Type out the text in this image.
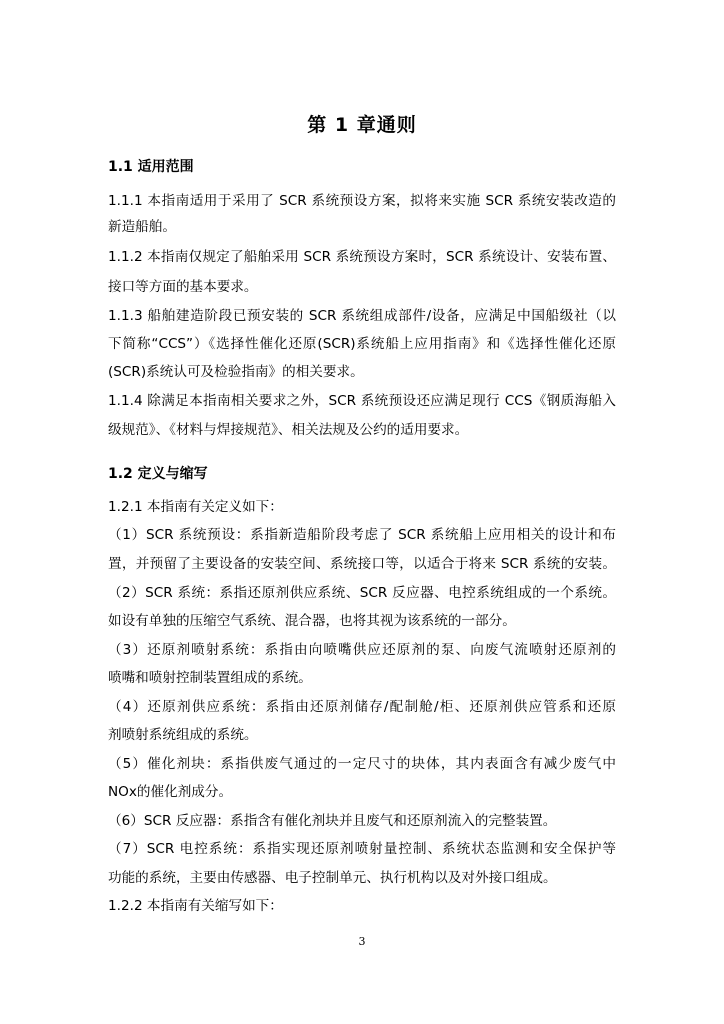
第 1 章通则
1.1 适用范围
1.1.1 本指南适用于采用了 SCR 系统预设方案，拟将来实施 SCR 系统安装改造的
新造船舶。
1.1.2 本指南仅规定了船舶采用 SCR 系统预设方案时，SCR 系统设计、安装布置、
接口等方面的基本要求。
1.1.3 船舶建造阶段已预安装的 SCR 系统组成部件/设备，应满足中国船级社（以
下简称“CCS”）《选择性催化还原(SCR)系统船上应用指南》和《选择性催化还原
(SCR)系统认可及检验指南》的相关要求。
1.1.4 除满足本指南相关要求之外，SCR 系统预设还应满足现行 CCS《钢质海船入
级规范》、《材料与焊接规范》、相关法规及公约的适用要求。
1.2 定义与缩写
1.2.1 本指南有关定义如下：
（1）SCR 系统预设：系指新造船阶段考虑了 SCR 系统船上应用相关的设计和布
置，并预留了主要设备的安装空间、系统接口等，以适合于将来 SCR 系统的安装。
（2）SCR 系统：系指还原剂供应系统、SCR 反应器、电控系统组成的一个系统。
如设有单独的压缩空气系统、混合器，也将其视为该系统的一部分。
（3）还原剂喷射系统：系指由向喷嘴供应还原剂的泵、向废气流喷射还原剂的
喷嘴和喷射控制装置组成的系统。
（4）还原剂供应系统：系指由还原剂储存/配制舱/柜、还原剂供应管系和还原
剂喷射系统组成的系统。
（5）催化剂块：系指供废气通过的一定尺寸的块体，其内表面含有减少废气中
NOx的催化剂成分。
（6）SCR 反应器：系指含有催化剂块并且废气和还原剂流入的完整装置。
（7）SCR 电控系统：系指实现还原剂喷射量控制、系统状态监测和安全保护等
功能的系统，主要由传感器、电子控制单元、执行机构以及对外接口组成。
1.2.2 本指南有关缩写如下：
3
